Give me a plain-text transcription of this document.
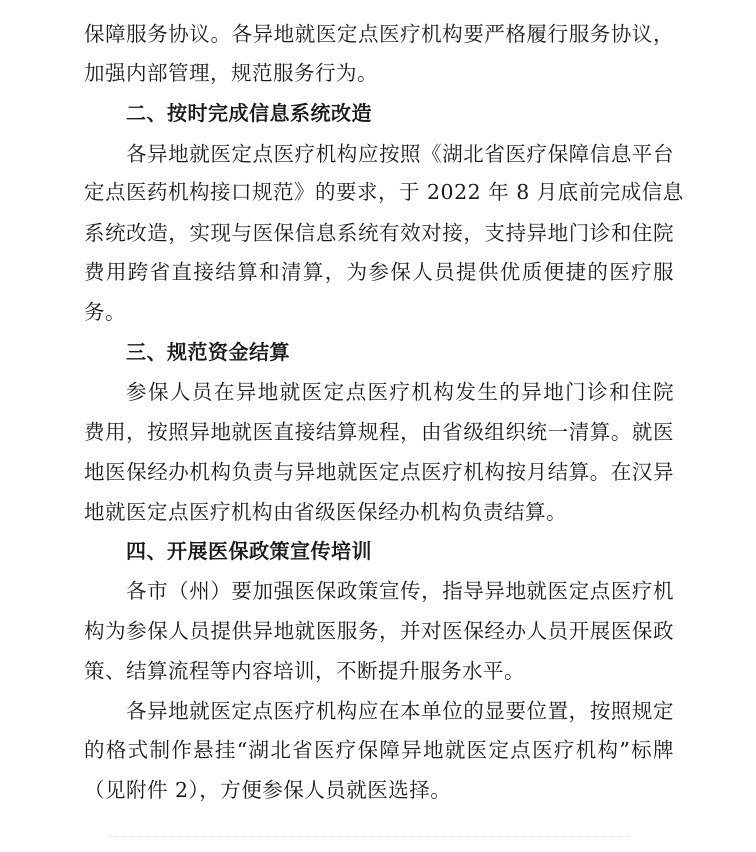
保障服务协议。各异地就医定点医疗机构要严格履行服务协议，
加强内部管理，规范服务行为。
二、按时完成信息系统改造
各异地就医定点医疗机构应按照《湖北省医疗保障信息平台
定点医药机构接口规范》的要求，于 2022 年 8 月底前完成信息
系统改造，实现与医保信息系统有效对接，支持异地门诊和住院
费用跨省直接结算和清算，为参保人员提供优质便捷的医疗服
务。
三、规范资金结算
参保人员在异地就医定点医疗机构发生的异地门诊和住院
费用，按照异地就医直接结算规程，由省级组织统一清算。就医
地医保经办机构负责与异地就医定点医疗机构按月结算。在汉异
地就医定点医疗机构由省级医保经办机构负责结算。
四、开展医保政策宣传培训
各市（州）要加强医保政策宣传，指导异地就医定点医疗机
构为参保人员提供异地就医服务，并对医保经办人员开展医保政
策、结算流程等内容培训，不断提升服务水平。
各异地就医定点医疗机构应在本单位的显要位置，按照规定
的格式制作悬挂“湖北省医疗保障异地就医定点医疗机构”标牌
（见附件 2），方便参保人员就医选择。
